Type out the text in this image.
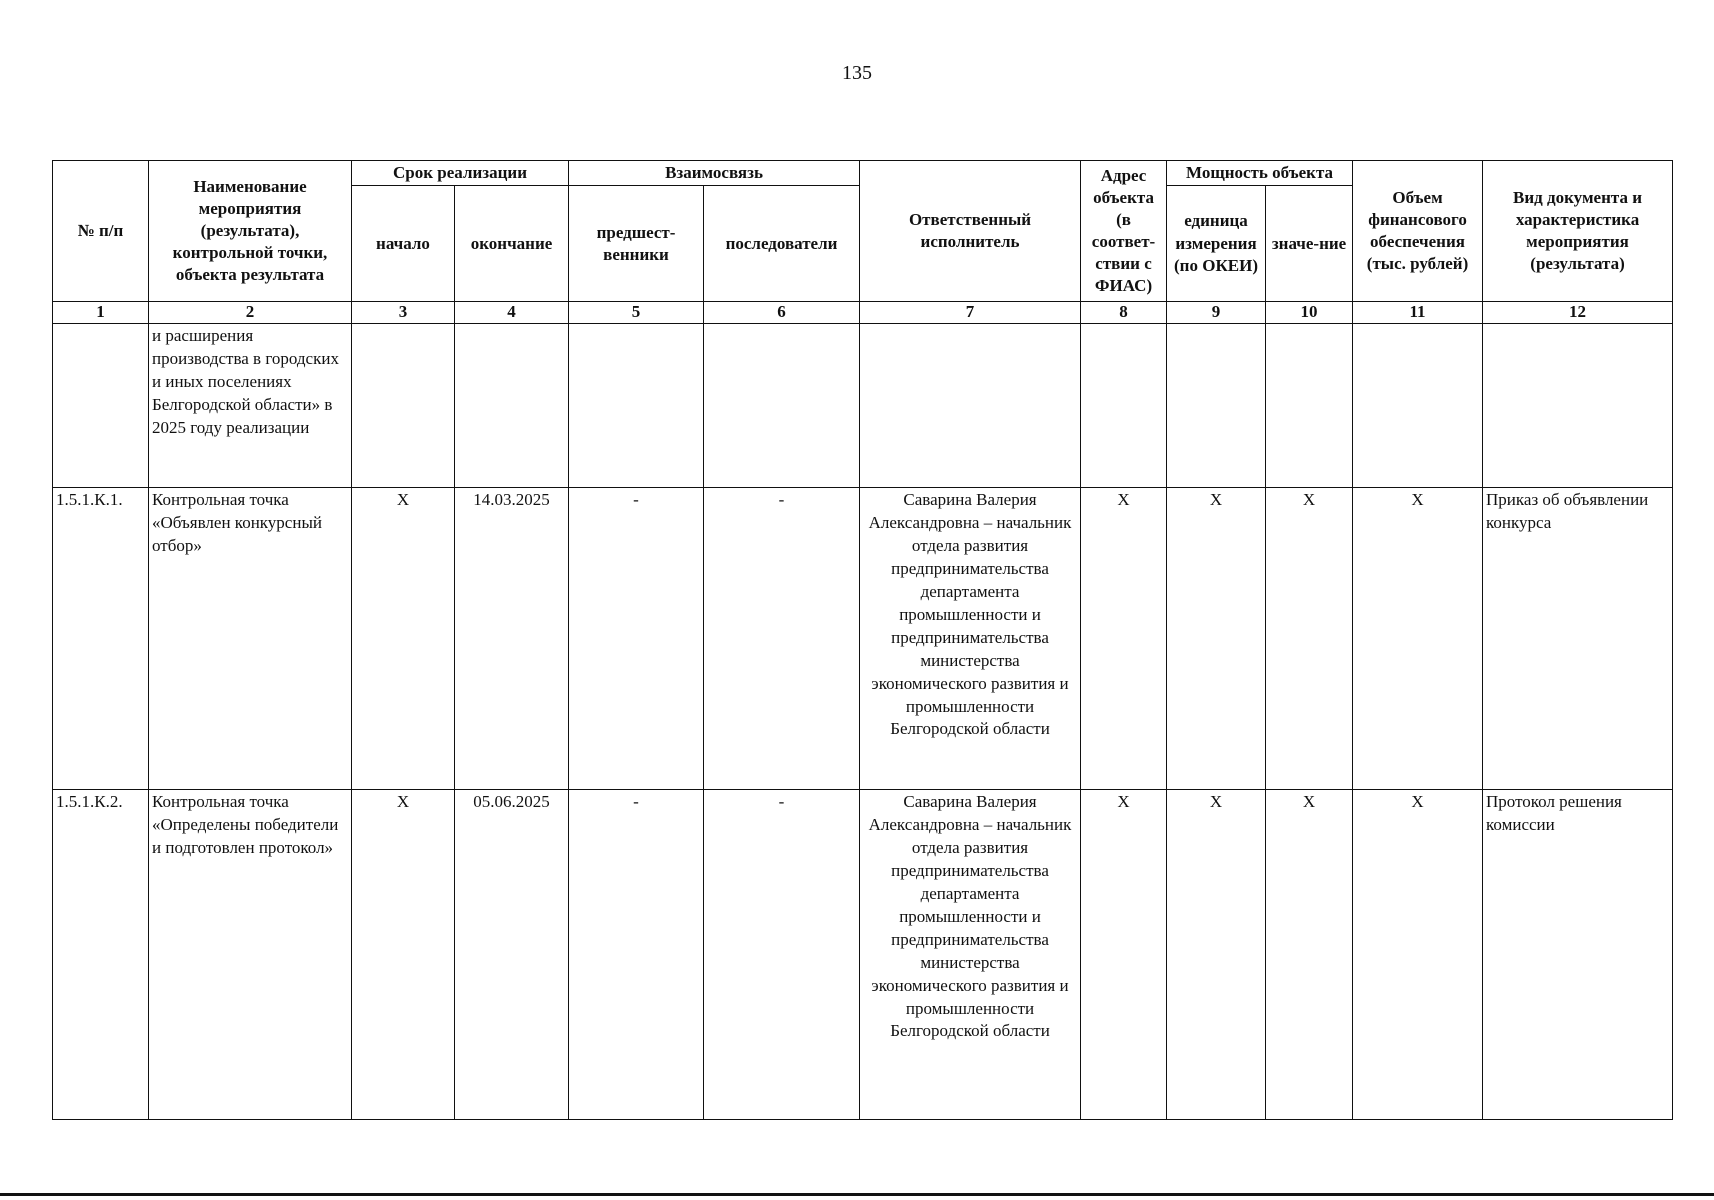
135
№ п/п	Наименование мероприятия (результата), контрольной точки, объекта результата	Срок реализации		Взаимосвязь		Ответственный исполнитель	Адрес объекта (в соответ-ствии с ФИАС)	Мощность объекта		Объем финансового обеспечения (тыс. рублей)	Вид документа и характеристика мероприятия (результата)
		начало	окончание	предшест-венники	последователи			единица измерения (по ОКЕИ)	значе-ние		
1	2	3	4	5	6	7	8	9	10	11	12
	и расширения производства в городских и иных поселениях Белгородской области» в 2025 году реализации										
1.5.1.К.1.	Контрольная точка «Объявлен конкурсный отбор»	X	14.03.2025	-	-	Саварина Валерия Александровна – начальник отдела развития предпринимательства департамента промышленности и предпринимательства министерства экономического развития и промышленности Белгородской области	X	X	X	X	Приказ об объявлении конкурса
1.5.1.К.2.	Контрольная точка «Определены победители и подготовлен протокол»	X	05.06.2025	-	-	Саварина Валерия Александровна – начальник отдела развития предпринимательства департамента промышленности и предпринимательства министерства экономического развития и промышленности Белгородской области	X	X	X	X	Протокол решения комиссии
